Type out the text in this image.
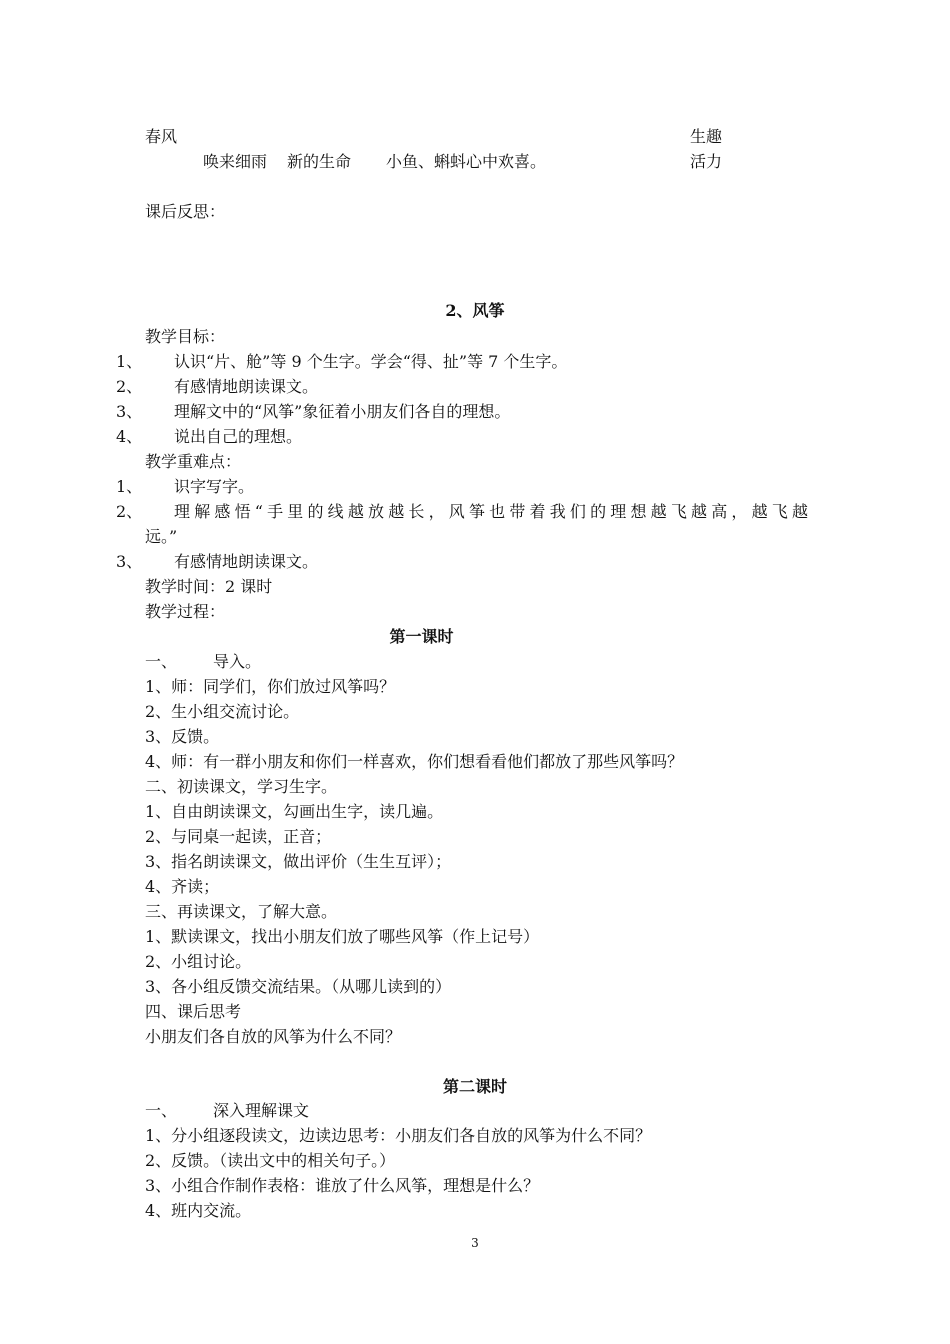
春风	生趣
唤来细雨 新的生命 小鱼、蝌蚪心中欢喜。	活力
课后反思：
2、风筝
教学目标：
1、 认识“片、舱”等 9 个生字。学会“得、扯”等 7 个生字。
2、 有感情地朗读课文。
3、 理解文中的“风筝”象征着小朋友们各自的理想。
4、 说出自己的理想。
教学重难点：
1、 识字写字。
2、 理解感悟“手里的线越放越长，风筝也带着我们的理想越飞越高，越飞越
远。”
3、 有感情地朗读课文。
教学时间：2 课时
教学过程：
第一课时
一、 导入。
1、师：同学们，你们放过风筝吗？
2、生小组交流讨论。
3、反馈。
4、师：有一群小朋友和你们一样喜欢，你们想看看他们都放了那些风筝吗？
二、初读课文，学习生字。
1、自由朗读课文，勾画出生字，读几遍。
2、与同桌一起读，正音；
3、指名朗读课文，做出评价（生生互评）；
4、齐读；
三、再读课文，了解大意。
1、默读课文，找出小朋友们放了哪些风筝（作上记号）
2、小组讨论。
3、各小组反馈交流结果。（从哪儿读到的）
四、课后思考
小朋友们各自放的风筝为什么不同？
第二课时
一、 深入理解课文
1、分小组逐段读文，边读边思考：小朋友们各自放的风筝为什么不同？
2、反馈。（读出文中的相关句子。）
3、小组合作制作表格：谁放了什么风筝，理想是什么？
4、班内交流。
3
